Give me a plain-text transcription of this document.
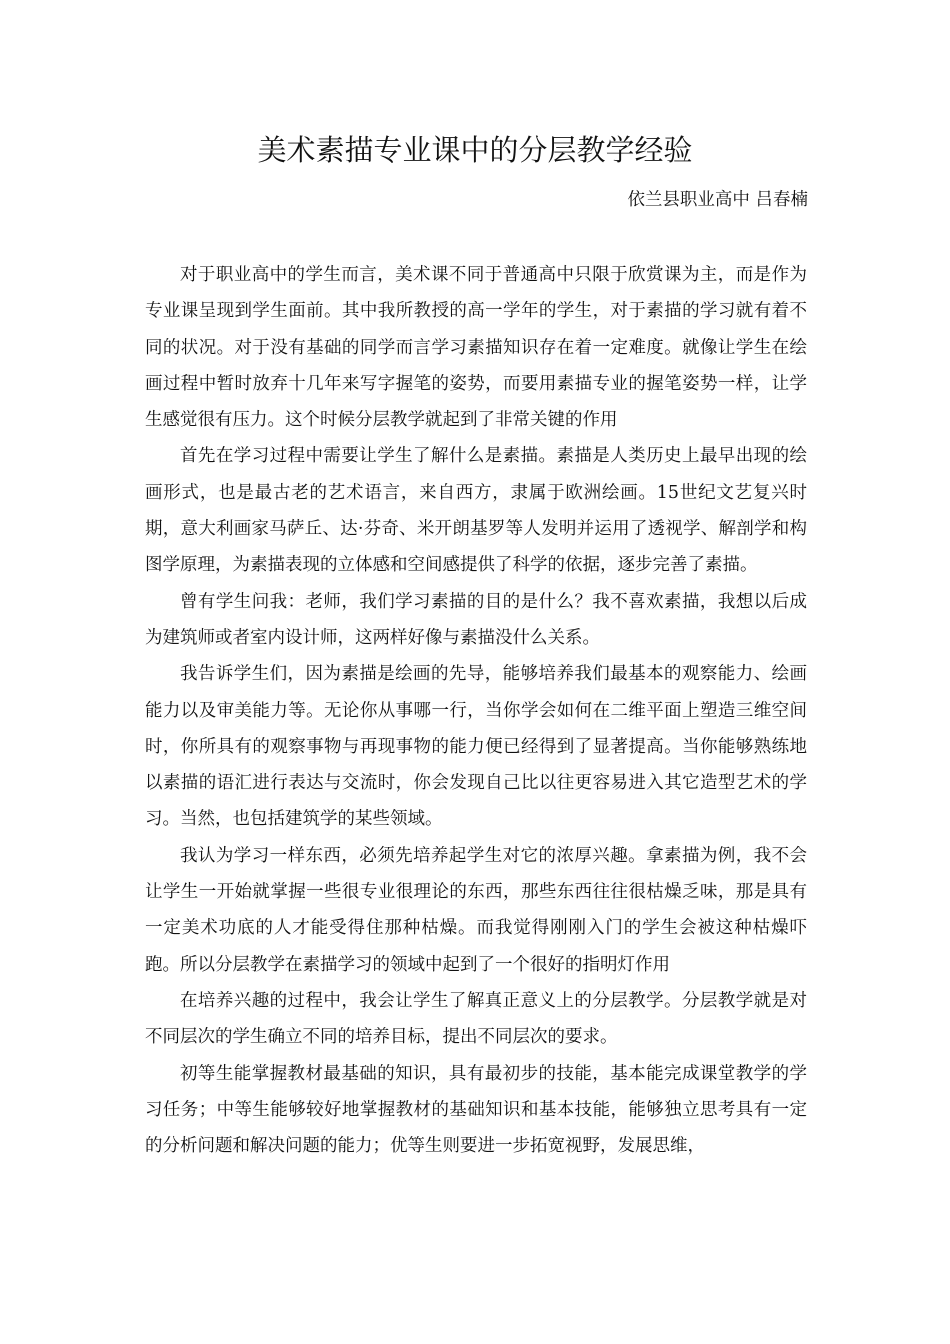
美术素描专业课中的分层教学经验
依兰县职业高中 吕春楠

对于职业高中的学生而言，美术课不同于普通高中只限于欣赏课为主，而是作为专业课呈现到学生面前。其中我所教授的高一学年的学生，对于素描的学习就有着不同的状况。对于没有基础的同学而言学习素描知识存在着一定难度。就像让学生在绘画过程中暂时放弃十几年来写字握笔的姿势，而要用素描专业的握笔姿势一样，让学生感觉很有压力。这个时候分层教学就起到了非常关键的作用

首先在学习过程中需要让学生了解什么是素描。素描是人类历史上最早出现的绘画形式，也是最古老的艺术语言，来自西方，隶属于欧洲绘画。15世纪文艺复兴时期，意大利画家马萨丘、达·芬奇、米开朗基罗等人发明并运用了透视学、解剖学和构图学原理，为素描表现的立体感和空间感提供了科学的依据，逐步完善了素描。

曾有学生问我：老师，我们学习素描的目的是什么？我不喜欢素描，我想以后成为建筑师或者室内设计师，这两样好像与素描没什么关系。

我告诉学生们，因为素描是绘画的先导，能够培养我们最基本的观察能力、绘画能力以及审美能力等。无论你从事哪一行，当你学会如何在二维平面上塑造三维空间时，你所具有的观察事物与再现事物的能力便已经得到了显著提高。当你能够熟练地以素描的语汇进行表达与交流时，你会发现自己比以往更容易进入其它造型艺术的学习。当然，也包括建筑学的某些领域。

我认为学习一样东西，必须先培养起学生对它的浓厚兴趣。拿素描为例，我不会让学生一开始就掌握一些很专业很理论的东西，那些东西往往很枯燥乏味，那是具有一定美术功底的人才能受得住那种枯燥。而我觉得刚刚入门的学生会被这种枯燥吓跑。所以分层教学在素描学习的领域中起到了一个很好的指明灯作用

在培养兴趣的过程中，我会让学生了解真正意义上的分层教学。分层教学就是对不同层次的学生确立不同的培养目标，提出不同层次的要求。

初等生能掌握教材最基础的知识，具有最初步的技能，基本能完成课堂教学的学习任务；中等生能够较好地掌握教材的基础知识和基本技能，能够独立思考具有一定的分析问题和解决问题的能力；优等生则要进一步拓宽视野，发展思维，
